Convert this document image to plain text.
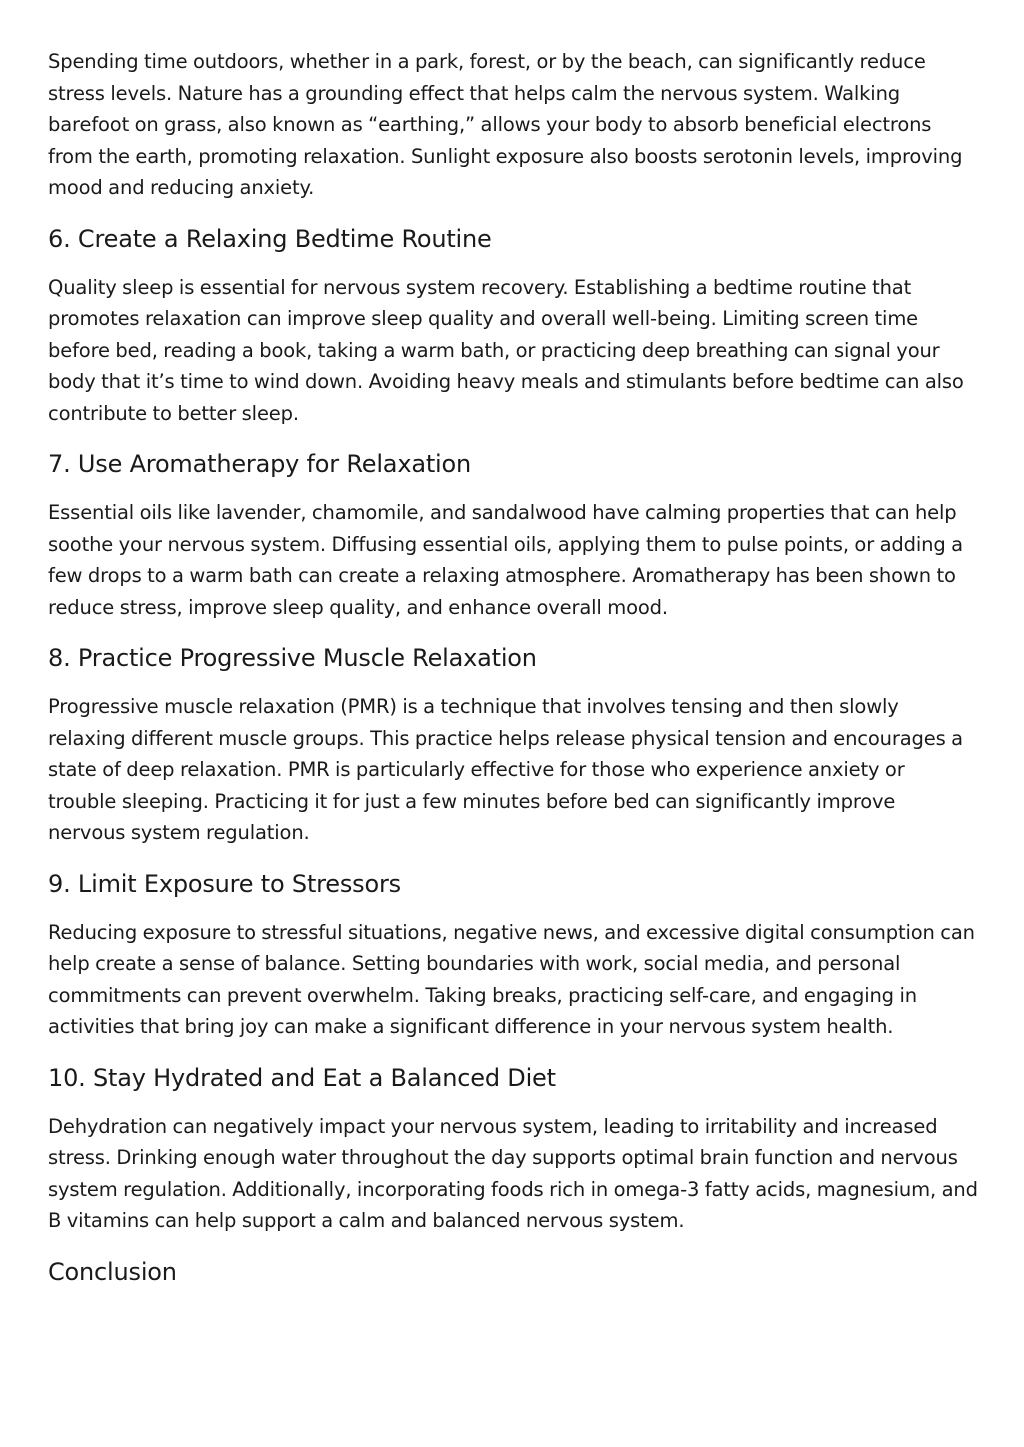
Spending time outdoors, whether in a park, forest, or by the beach, can significantly reduce stress levels. Nature has a grounding effect that helps calm the nervous system. Walking barefoot on grass, also known as “earthing,” allows your body to absorb beneficial electrons from the earth, promoting relaxation. Sunlight exposure also boosts serotonin levels, improving mood and reducing anxiety.

6. Create a Relaxing Bedtime Routine

Quality sleep is essential for nervous system recovery. Establishing a bedtime routine that promotes relaxation can improve sleep quality and overall well-being. Limiting screen time before bed, reading a book, taking a warm bath, or practicing deep breathing can signal your body that it’s time to wind down. Avoiding heavy meals and stimulants before bedtime can also contribute to better sleep.

7. Use Aromatherapy for Relaxation

Essential oils like lavender, chamomile, and sandalwood have calming properties that can help soothe your nervous system. Diffusing essential oils, applying them to pulse points, or adding a few drops to a warm bath can create a relaxing atmosphere. Aromatherapy has been shown to reduce stress, improve sleep quality, and enhance overall mood.

8. Practice Progressive Muscle Relaxation

Progressive muscle relaxation (PMR) is a technique that involves tensing and then slowly relaxing different muscle groups. This practice helps release physical tension and encourages a state of deep relaxation. PMR is particularly effective for those who experience anxiety or trouble sleeping. Practicing it for just a few minutes before bed can significantly improve nervous system regulation.

9. Limit Exposure to Stressors

Reducing exposure to stressful situations, negative news, and excessive digital consumption can help create a sense of balance. Setting boundaries with work, social media, and personal commitments can prevent overwhelm. Taking breaks, practicing self-care, and engaging in activities that bring joy can make a significant difference in your nervous system health.

10. Stay Hydrated and Eat a Balanced Diet

Dehydration can negatively impact your nervous system, leading to irritability and increased stress. Drinking enough water throughout the day supports optimal brain function and nervous system regulation. Additionally, incorporating foods rich in omega-3 fatty acids, magnesium, and B vitamins can help support a calm and balanced nervous system.

Conclusion
